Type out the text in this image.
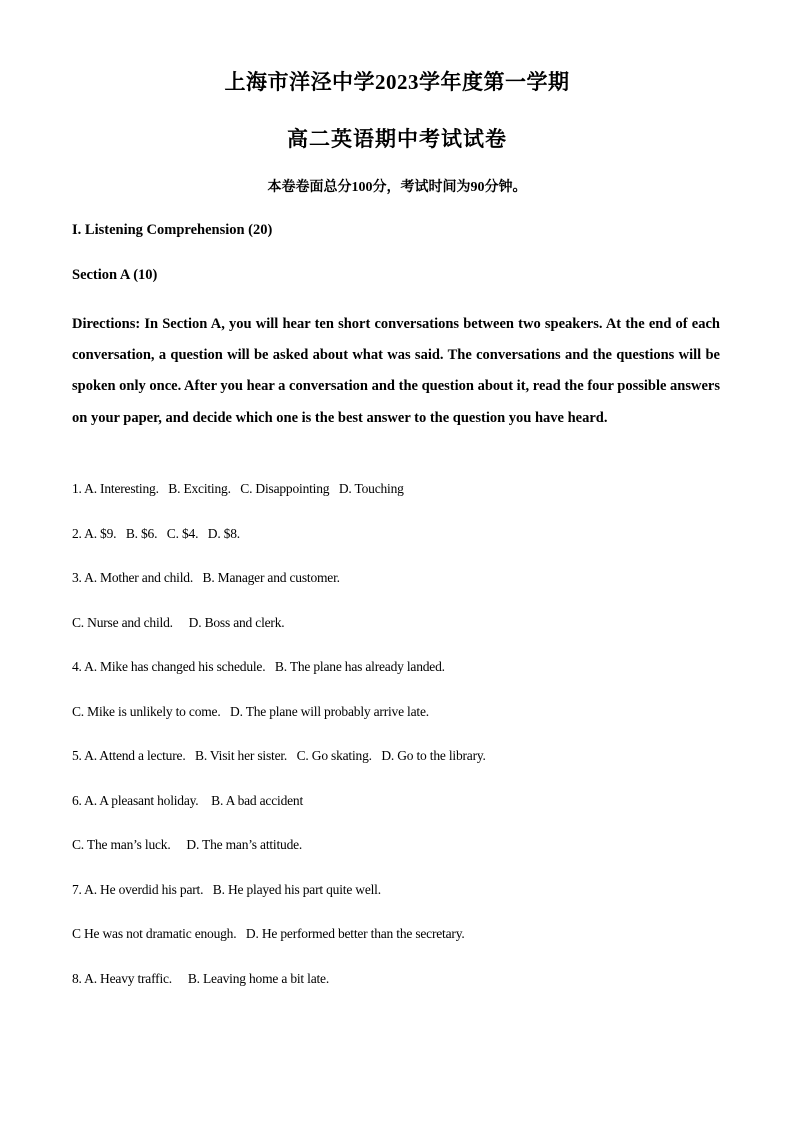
上海市洋泾中学2023学年度第一学期
高二英语期中考试试卷
本卷卷面总分100分，考试时间为90分钟。
I. Listening Comprehension (20)
Section A (10)
Directions: In Section A, you will hear ten short conversations between two speakers. At the end of each conversation, a question will be asked about what was said. The conversations and the questions will be spoken only once. After you hear a conversation and the question about it, read the four possible answers on your paper, and decide which one is the best answer to the question you have heard.
1. A. Interesting.   B. Exciting.   C. Disappointing   D. Touching
2. A. $9.   B. $6.   C. $4.   D. $8.
3. A. Mother and child.   B. Manager and customer.
C. Nurse and child.     D. Boss and clerk.
4. A. Mike has changed his schedule.   B. The plane has already landed.
C. Mike is unlikely to come.   D. The plane will probably arrive late.
5. A. Attend a lecture.   B. Visit her sister.   C. Go skating.   D. Go to the library.
6. A. A pleasant holiday.    B. A bad accident
C. The man’s luck.     D. The man’s attitude.
7. A. He overdid his part.   B. He played his part quite well.
C He was not dramatic enough.   D. He performed better than the secretary.
8. A. Heavy traffic.     B. Leaving home a bit late.
